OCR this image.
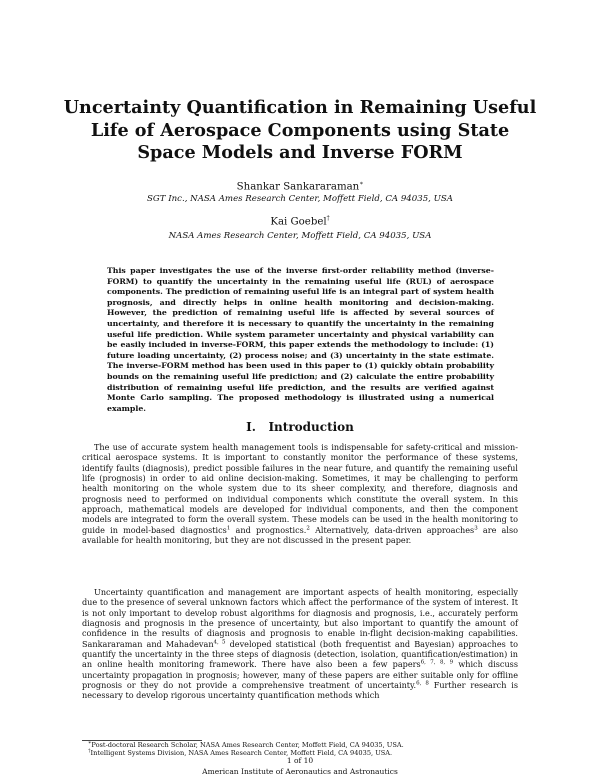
Uncertainty Quantification in Remaining Useful Life of Aerospace Components using State Space Models and Inverse FORM
Shankar Sankararaman∗
SGT Inc., NASA Ames Research Center, Moffett Field, CA 94035, USA
Kai Goebel†
NASA Ames Research Center, Moffett Field, CA 94035, USA
This paper investigates the use of the inverse first-order reliability method (inverse-FORM) to quantify the uncertainty in the remaining useful life (RUL) of aerospace components. The prediction of remaining useful life is an integral part of system health prognosis, and directly helps in online health monitoring and decision-making. However, the prediction of remaining useful life is affected by several sources of uncertainty, and therefore it is necessary to quantify the uncertainty in the remaining useful life prediction. While system parameter uncertainty and physical variability can be easily included in inverse-FORM, this paper extends the methodology to include: (1) future loading uncertainty, (2) process noise; and (3) uncertainty in the state estimate. The inverse-FORM method has been used in this paper to (1) quickly obtain probability bounds on the remaining useful life prediction; and (2) calculate the entire probability distribution of remaining useful life prediction, and the results are verified against Monte Carlo sampling. The proposed methodology is illustrated using a numerical example.
I. Introduction
The use of accurate system health management tools is indispensable for safety-critical and mission-critical aerospace systems. It is important to constantly monitor the performance of these systems, identify faults (diagnosis), predict possible failures in the near future, and quantify the remaining useful life (prognosis) in order to aid online decision-making. Sometimes, it may be challenging to perform health monitoring on the whole system due to its sheer complexity, and therefore, diagnosis and prognosis need to performed on individual components which constitute the overall system. In this approach, mathematical models are developed for individual components, and then the component models are integrated to form the overall system. These models can be used in the health monitoring to guide in model-based diagnostics$^1$ and prognostics.$^2$ Alternatively, data-driven approaches$^3$ are also available for health monitoring, but they are not discussed in the present paper.
Uncertainty quantification and management are important aspects of health monitoring, especially due to the presence of several unknown factors which affect the performance of the system of interest. It is not only important to develop robust algorithms for diagnosis and prognosis, i.e., accurately perform diagnosis and prognosis in the presence of uncertainty, but also important to quantify the amount of confidence in the results of diagnosis and prognosis to enable in-flight decision-making capabilities. Sankararaman and Mahadevan$^{4, 5}$ developed statistical (both frequentist and Bayesian) approaches to quantify the uncertainty in the three steps of diagnosis (detection, isolation, quantification/estimation) in an online health monitoring framework. There have also been a few papers$^{6, 7, 8, 9}$ which discuss uncertainty propagation in prognosis; however, many of these papers are either suitable only for offline prognosis or they do not provide a comprehensive treatment of uncertainty.$^{6, 8}$ Further research is necessary to develop rigorous uncertainty quantification methods which
∗Post-doctoral Research Scholar, NASA Ames Research Center, Moffett Field, CA 94035, USA.
†Intelligent Systems Division, NASA Ames Research Center, Moffett Field, CA 94035, USA.
1 of 10
American Institute of Aeronautics and Astronautics
